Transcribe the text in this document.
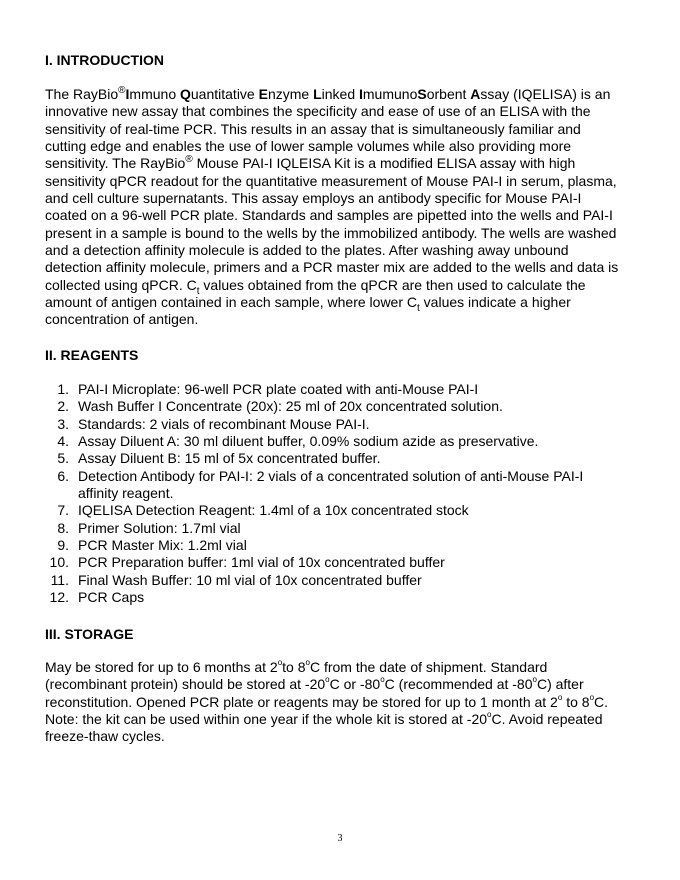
I. INTRODUCTION
The RayBio®Immuno Quantitative Enzyme Linked ImumunoSorbent Assay (IQELISA) is an
innovative new assay that combines the specificity and ease of use of an ELISA with the
sensitivity of real-time PCR. This results in an assay that is simultaneously familiar and
cutting edge and enables the use of lower sample volumes while also providing more
sensitivity. The RayBio® Mouse PAI-I IQLEISA Kit is a modified ELISA assay with high
sensitivity qPCR readout for the quantitative measurement of Mouse PAI-I in serum, plasma,
and cell culture supernatants. This assay employs an antibody specific for Mouse PAI-I
coated on a 96-well PCR plate. Standards and samples are pipetted into the wells and PAI-I
present in a sample is bound to the wells by the immobilized antibody. The wells are washed
and a detection affinity molecule is added to the plates. After washing away unbound
detection affinity molecule, primers and a PCR master mix are added to the wells and data is
collected using qPCR. $C_t$ values obtained from the qPCR are then used to calculate the
amount of antigen contained in each sample, where lower $C_t$ values indicate a higher
concentration of antigen.
II. REAGENTS
1. PAI-I Microplate: 96-well PCR plate coated with anti-Mouse PAI-I
2. Wash Buffer I Concentrate (20x): 25 ml of 20x concentrated solution.
3. Standards: 2 vials of recombinant Mouse PAI-I.
4. Assay Diluent A: 30 ml diluent buffer, 0.09% sodium azide as preservative.
5. Assay Diluent B: 15 ml of 5x concentrated buffer.
6. Detection Antibody for PAI-I: 2 vials of a concentrated solution of anti-Mouse PAI-I
affinity reagent.
7. IQELISA Detection Reagent: 1.4ml of a 10x concentrated stock
8. Primer Solution: 1.7ml vial
9. PCR Master Mix: 1.2ml vial
10. PCR Preparation buffer: 1ml vial of 10x concentrated buffer
11. Final Wash Buffer: 10 ml vial of 10x concentrated buffer
12. PCR Caps
III. STORAGE
May be stored for up to 6 months at 2$^o$to 8$^o$C from the date of shipment. Standard
(recombinant protein) should be stored at -20$^o$C or -80$^o$C (recommended at -80$^o$C) after
reconstitution. Opened PCR plate or reagents may be stored for up to 1 month at 2$^o$ to 8$^o$C.
Note: the kit can be used within one year if the whole kit is stored at -20$^o$C. Avoid repeated
freeze-thaw cycles.
3
